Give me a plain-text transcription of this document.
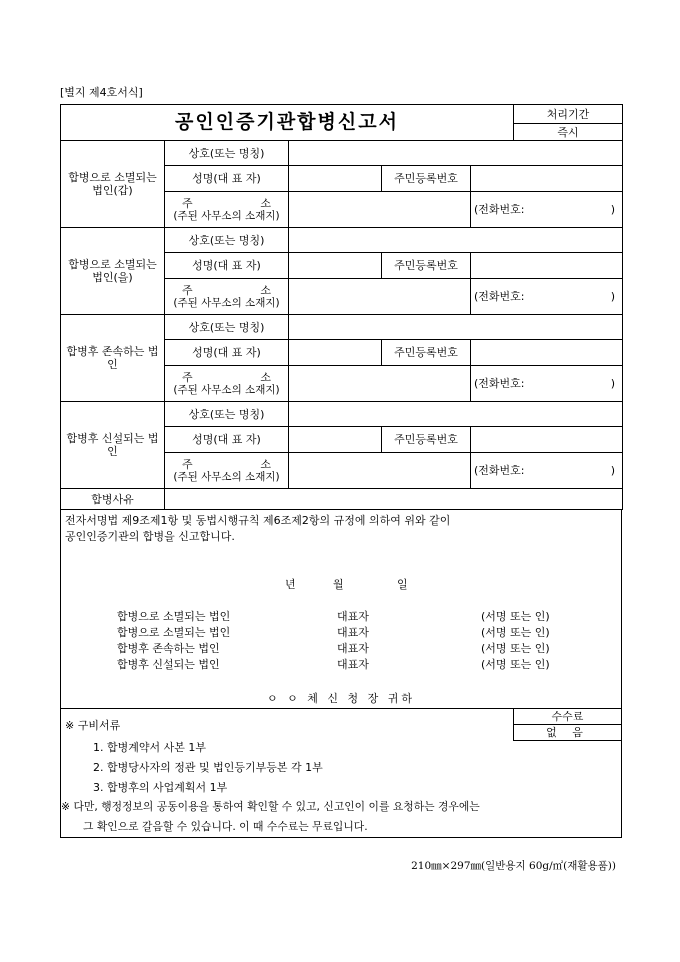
[별지 제4호서식]
공인인증기관합병신고서	처리기간
즉시
합병으로 소멸되는 법인(갑)	상호(또는 명칭)			
	성명(대 표 자)		주민등록번호	

	주 소
(주된 사무소의 소재지)			(전화번호: )

합병으로 소멸되는 법인(을)	상호(또는 명칭)			
	성명(대 표 자)		주민등록번호	

	주 소
(주된 사무소의 소재지)			(전화번호: )

합병후 존속하는 법인	상호(또는 명칭)			
	성명(대 표 자)		주민등록번호	

	주 소
(주된 사무소의 소재지)			(전화번호: )

합병후 신설되는 법인	상호(또는 명칭)			
	성명(대 표 자)		주민등록번호	

	주 소
(주된 사무소의 소재지)			(전화번호: )

합병사유				
전자서명법 제9조제1항 및 동법시행규칙 제6조제2항의 규정에 의하여 위와 같이
공인인증기관의 합병을 신고합니다.
년	월	일
합병으로 소멸되는 법인	대표자	(서명 또는 인)
합병으로 소멸되는 법인	대표자	(서명 또는 인)
합병후 존속하는 법인	대표자	(서명 또는 인)
합병후 신설되는 법인	대표자	(서명 또는 인)
ㅇ ㅇ 체 신 청 장 귀하
수수료
없 음
※ 구비서류
1. 합병계약서 사본 1부
2. 합병당사자의 정관 및 법인등기부등본 각 1부
3. 합병후의 사업계획서 1부
※ 다만, 행정정보의 공동이용을 통하여 확인할 수 있고, 신고인이 이를 요청하는 경우에는
그 확인으로 갈음할 수 있습니다. 이 때 수수료는 무료입니다.
210㎜×297㎜(일반용지 60g/㎡(재활용품))
